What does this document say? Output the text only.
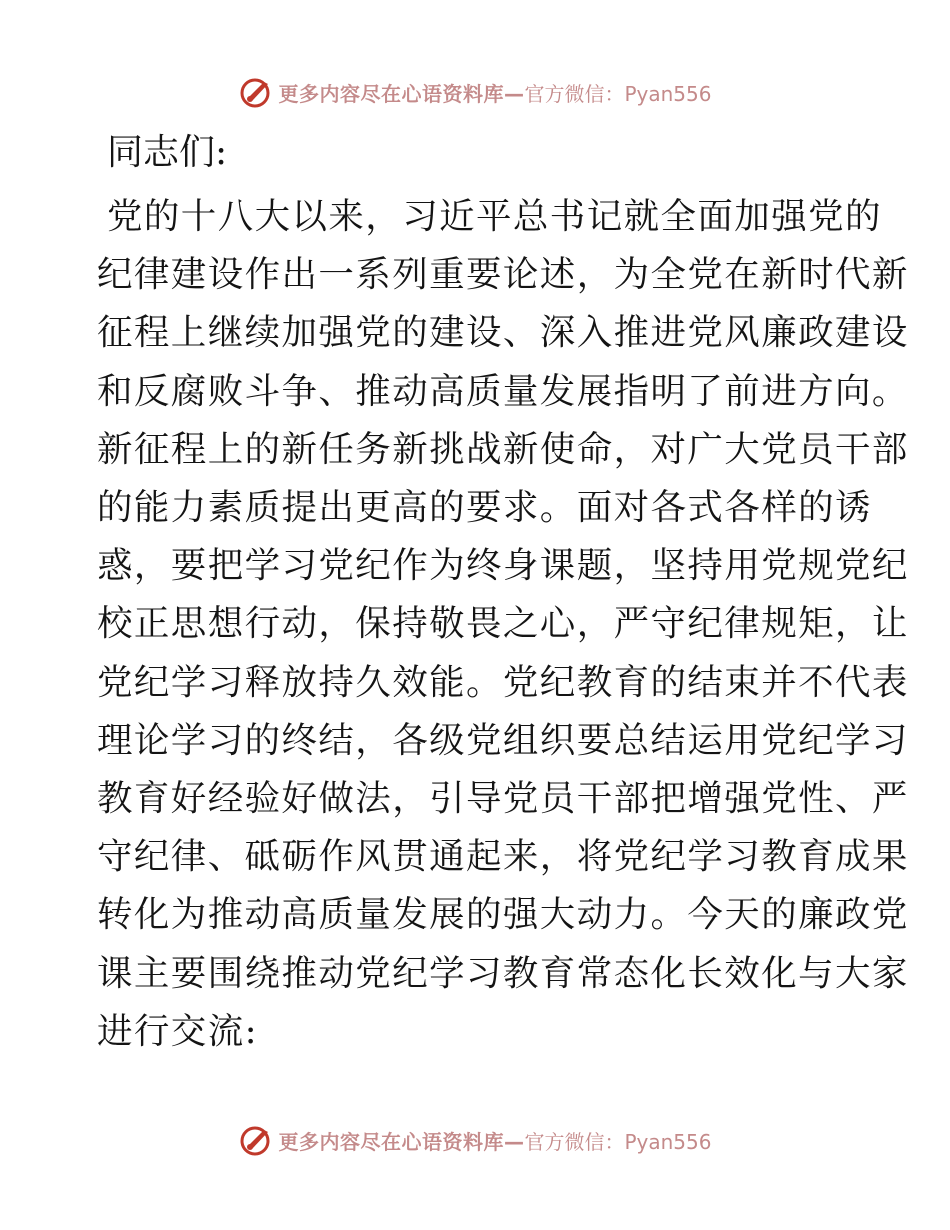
更多内容尽在心语资料库— 官方微信：Pyan556

同志们:

党的十八大以来，习近平总书记就全面加强党的

纪律建设作出一系列重要论述，为全党在新时代新

征程上继续加强党的建设、深入推进党风廉政建设

和反腐败斗争、推动高质量发展指明了前进方向。

新征程上的新任务新挑战新使命，对广大党员干部

的能力素质提出更高的要求。面对各式各样的诱

惑，要把学习党纪作为终身课题，坚持用党规党纪

校正思想行动，保持敬畏之心，严守纪律规矩，让

党纪学习释放持久效能。党纪教育的结束并不代表

理论学习的终结，各级党组织要总结运用党纪学习

教育好经验好做法，引导党员干部把增强党性、严

守纪律、砥砺作风贯通起来，将党纪学习教育成果

转化为推动高质量发展的强大动力。今天的廉政党

课主要围绕推动党纪学习教育常态化长效化与大家

进行交流:

更多内容尽在心语资料库— 官方微信：Pyan556
